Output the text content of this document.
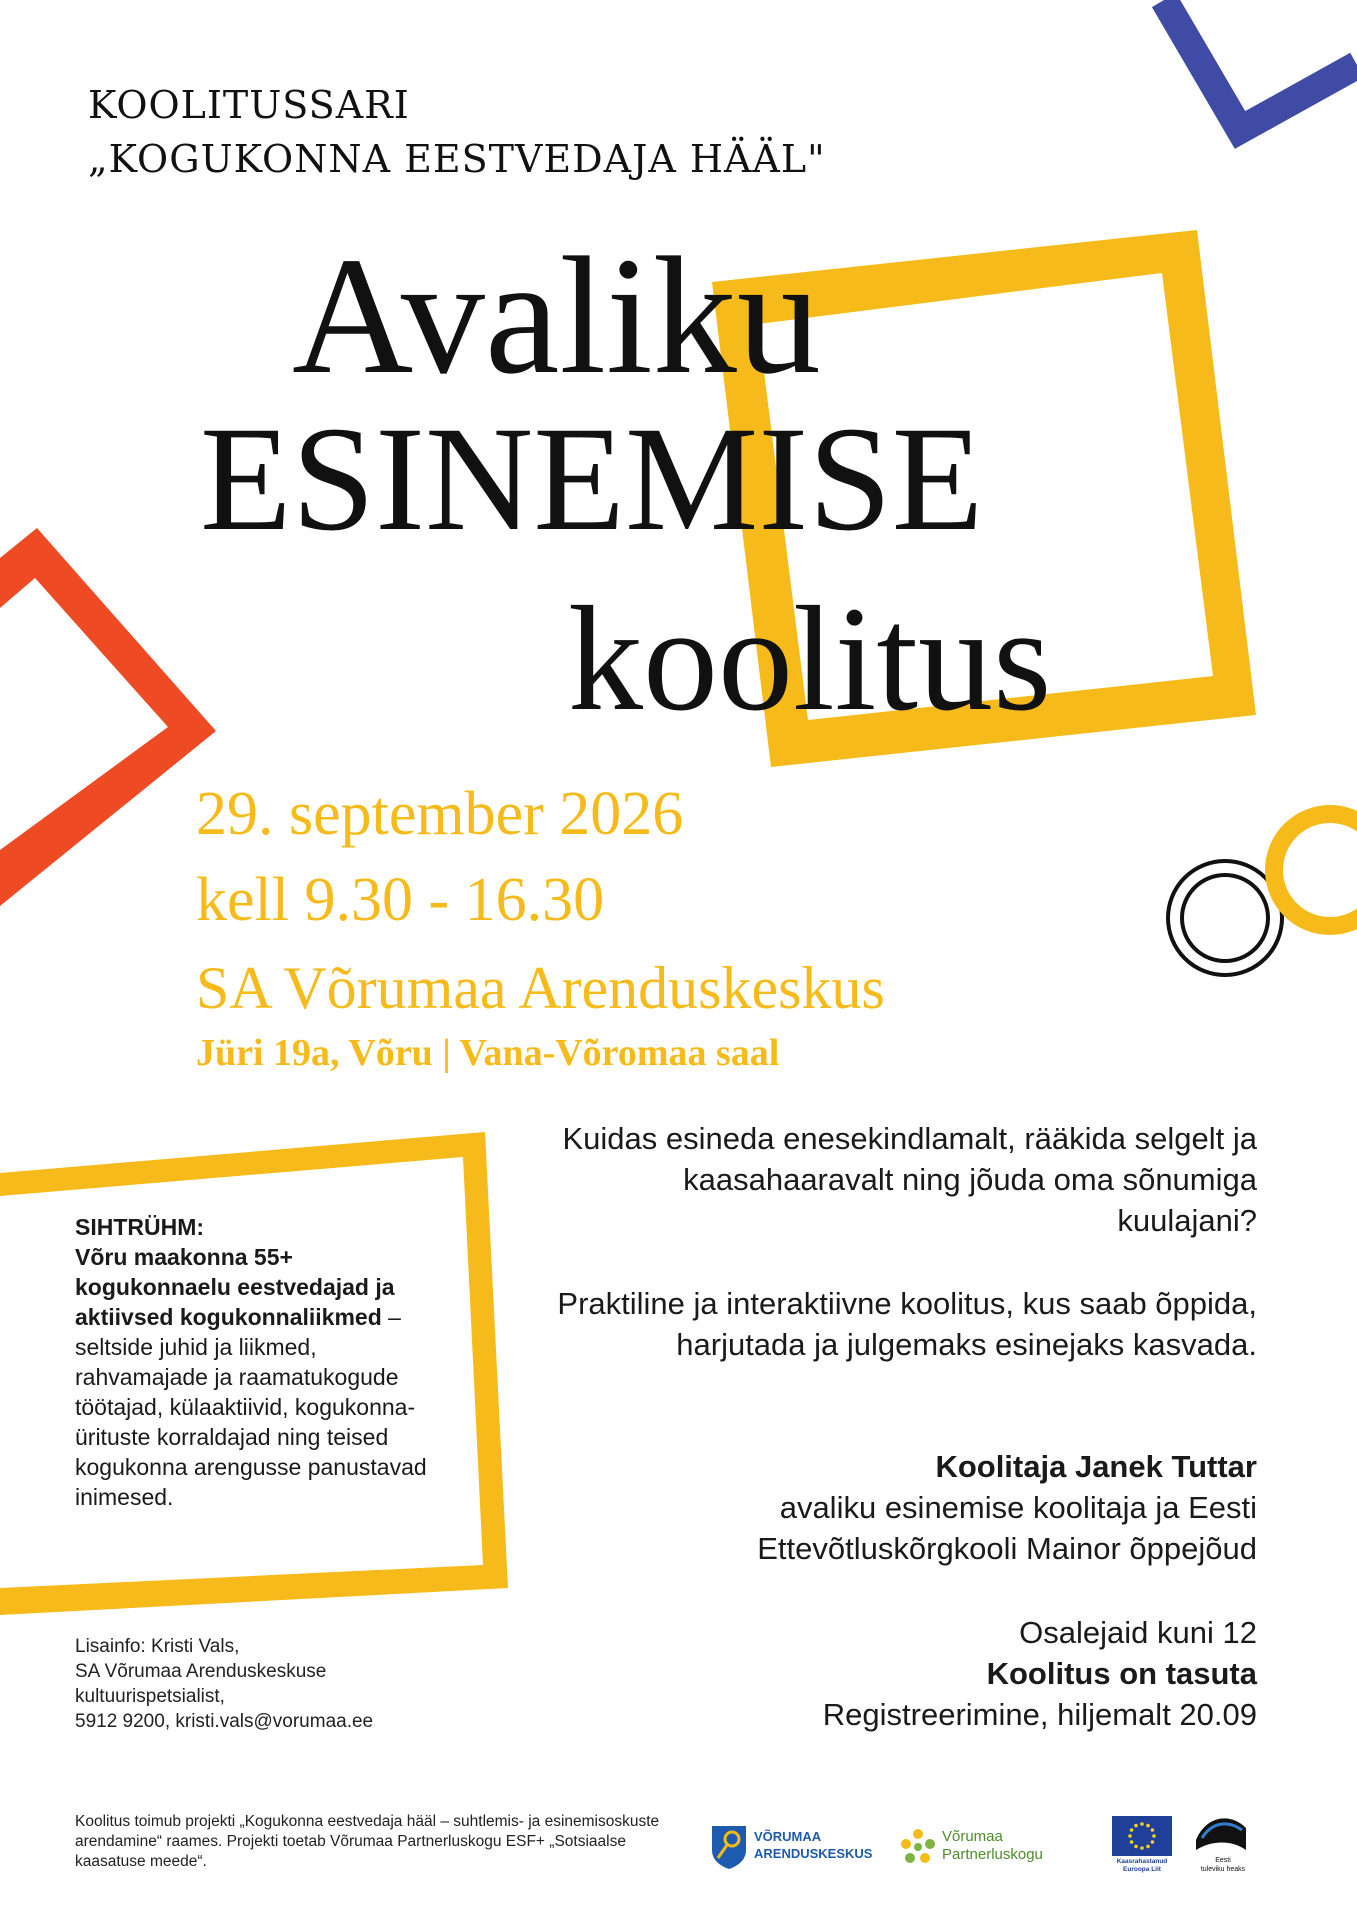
KOOLITUSSARI
„KOGUKONNA EESTVEDAJA HÄÄL"
Avaliku
ESINEMISE
koolitus
29. september 2026
kell 9.30 - 16.30
SA Võrumaa Arenduskeskus
Jüri 19a, Võru | Vana-Võromaa saal
SIHTRÜHM:
Võru maakonna 55+ kogukonnaelu eestvedajad ja aktiivsed kogukonnaliikmed – seltside juhid ja liikmed, rahvamajade ja raamatukogude töötajad, külaaktiivid, kogukonna-ürituste korraldajad ning teised kogukonna arengusse panustavad inimesed.
Kuidas esineda enesekindlamalt, rääkida selgelt ja kaasahaaravalt ning jõuda oma sõnumiga kuulajani?
Praktiline ja interaktiivne koolitus, kus saab õppida, harjutada ja julgemaks esinejaks kasvada.
Koolitaja Janek Tuttar
avaliku esinemise koolitaja ja Eesti Ettevõtluskõrgkooli Mainor õppejõud
Osalejaid kuni 12
Koolitus on tasuta
Registreerimine, hiljemalt 20.09
Lisainfo: Kristi Vals,
SA Võrumaa Arenduskeskuse
kultuurispetsialist,
5912 9200, kristi.vals@vorumaa.ee
Koolitus toimub projekti „Kogukonna eestvedaja hääl – suhtlemis- ja esinemisoskuste arendamine“ raames. Projekti toetab Võrumaa Partnerluskogu ESF+ „Sotsiaalse kaasatuse meede“.
VÕRUMAA
ARENDUSKESKUS
Võrumaa
Partnerluskogu	Kaasrahastanud
Euroopa Liit
Eesti
tuleviku heaks
